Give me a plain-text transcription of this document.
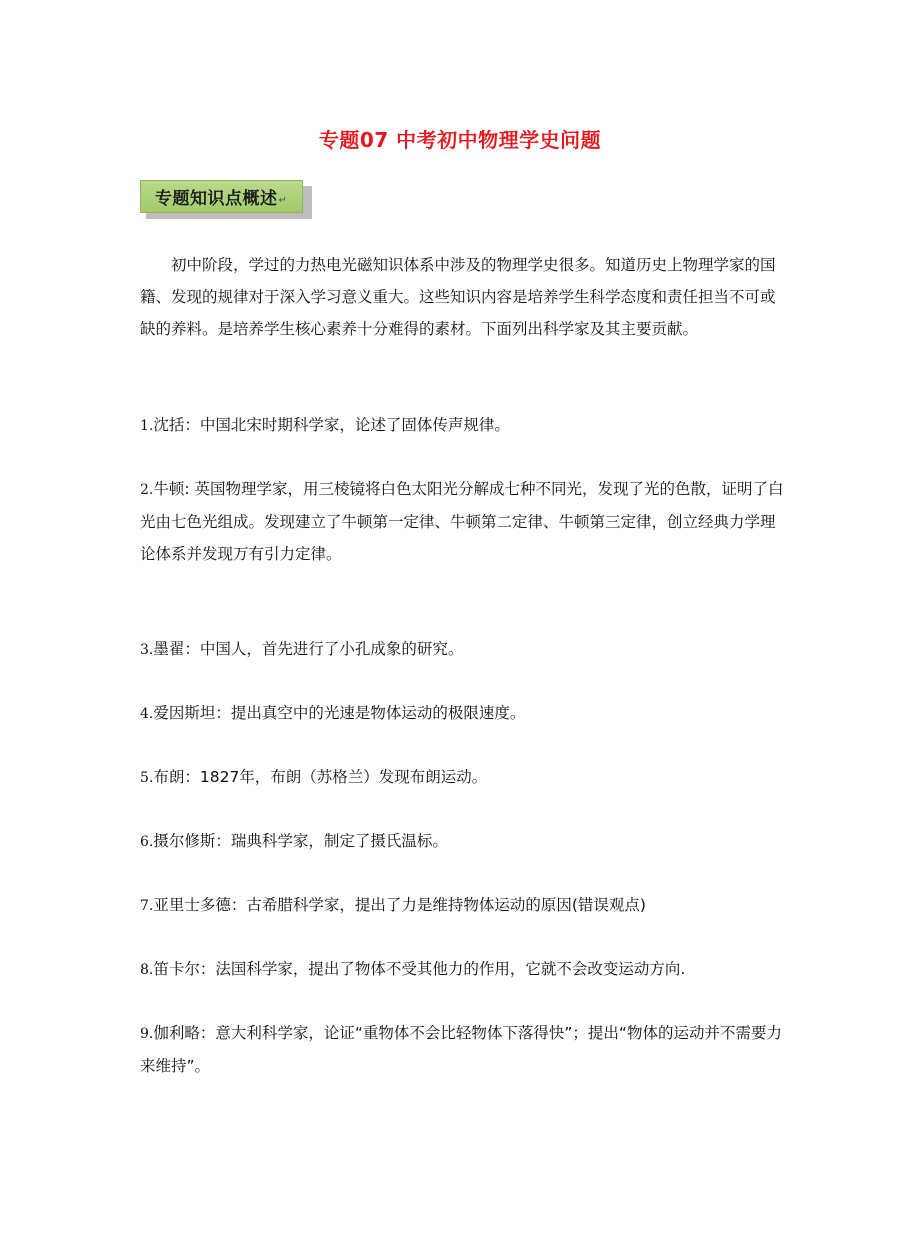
专题07 中考初中物理学史问题
专题知识点概述 ↵

初中阶段，学过的力热电光磁知识体系中涉及的物理学史很多。知道历史上物理学家的国籍、发现的规律对于深入学习意义重大。这些知识内容是培养学生科学态度和责任担当不可或缺的养料。是培养学生核心素养十分难得的素材。下面列出科学家及其主要贡献。

1.沈括：中国北宋时期科学家，论述了固体传声规律。

2.牛顿: 英国物理学家，用三棱镜将白色太阳光分解成七种不同光，发现了光的色散，证明了白光由七色光组成。发现建立了牛顿第一定律、牛顿第二定律、牛顿第三定律，创立经典力学理论体系并发现万有引力定律。

3.墨翟：中国人，首先进行了小孔成象的研究。

4.爱因斯坦：提出真空中的光速是物体运动的极限速度。

5.布朗：1827年，布朗（苏格兰）发现布朗运动。

6.摄尔修斯：瑞典科学家，制定了摄氏温标。

7.亚里士多德：古希腊科学家，提出了力是维持物体运动的原因(错误观点)

8.笛卡尔：法国科学家，提出了物体不受其他力的作用，它就不会改变运动方向.

9.伽利略：意大利科学家，论证“重物体不会比轻物体下落得快”；提出“物体的运动并不需要力来维持”。
